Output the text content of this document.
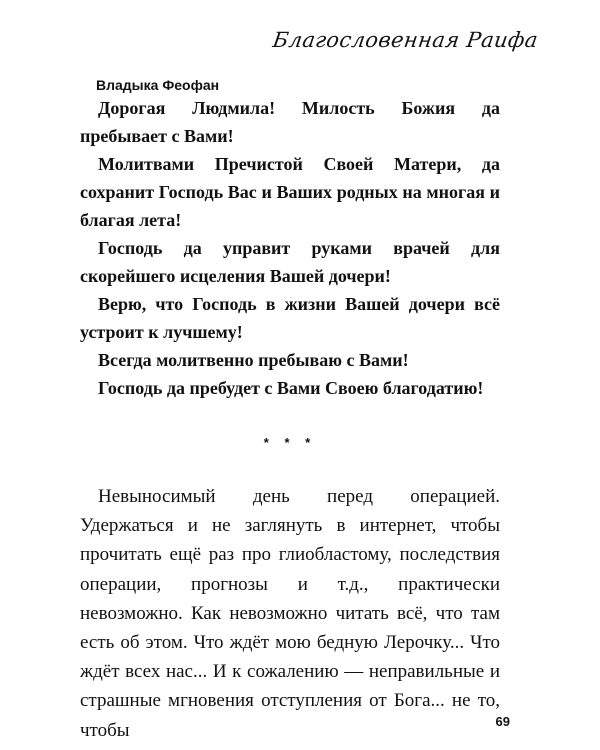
Благословенная Раифа
Владыка Феофан

Дорогая Людмила! Милость Божия да пребывает с Вами!

Молитвами Пречистой Своей Матери, да сохранит Господь Вас и Ваших родных на многая и благая лета!

Господь да управит руками врачей для скорейшего исцеления Вашей дочери!

Верю, что Господь в жизни Вашей дочери всё устроит к лучшему!

Всегда молитвенно пребываю с Вами!

Господь да пребудет с Вами Своею благодатию!

* * *

Невыносимый день перед операцией. Удержаться и не заглянуть в интернет, чтобы прочитать ещё раз про глиобластому, последствия операции, прогнозы и т.д., практически невозможно. Как невозможно читать всё, что там есть об этом. Что ждёт мою бедную Лерочку... Что ждёт всех нас... И к сожалению — неправильные и страшные мгновения отступления от Бога... не то, чтобы	69
